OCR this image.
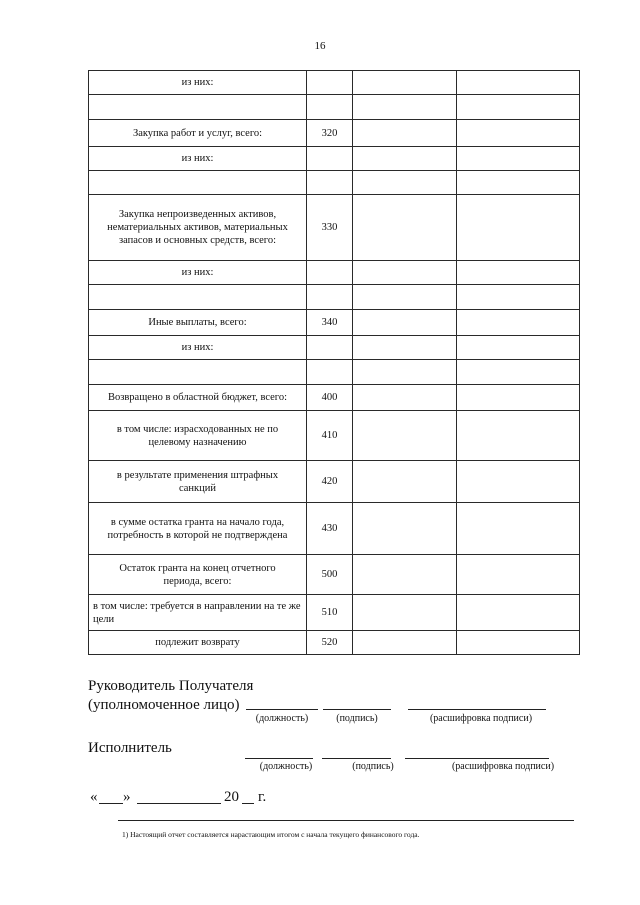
16
из них:			

Закупка работ и услуг, всего:	320		
из них:			

Закупка непроизведенных активов, нематериальных активов, материальных запасов и основных средств, всего:	330		
из них:			

Иные выплаты, всего:	340		
из них:			

Возвращено в областной бюджет, всего:	400		
в том числе: израсходованных не по целевому назначению	410		
в результате применения штрафных санкций	420		
в сумме остатка гранта на начало года, потребность в которой не подтверждена	430		
Остаток гранта на конец отчетного периода, всего:	500		
в том числе: требуется в направлении на те же цели	510		
подлежит возврату	520		
Руководитель Получателя
(уполномоченное лицо)
(должность)	(подпись)	(расшифровка подписи)
Исполнитель
(должность)	(подпись)	(расшифровка подписи)
« »	20 г.
1) Настоящий отчет составляется нарастающим итогом с начала текущего финансового года.
